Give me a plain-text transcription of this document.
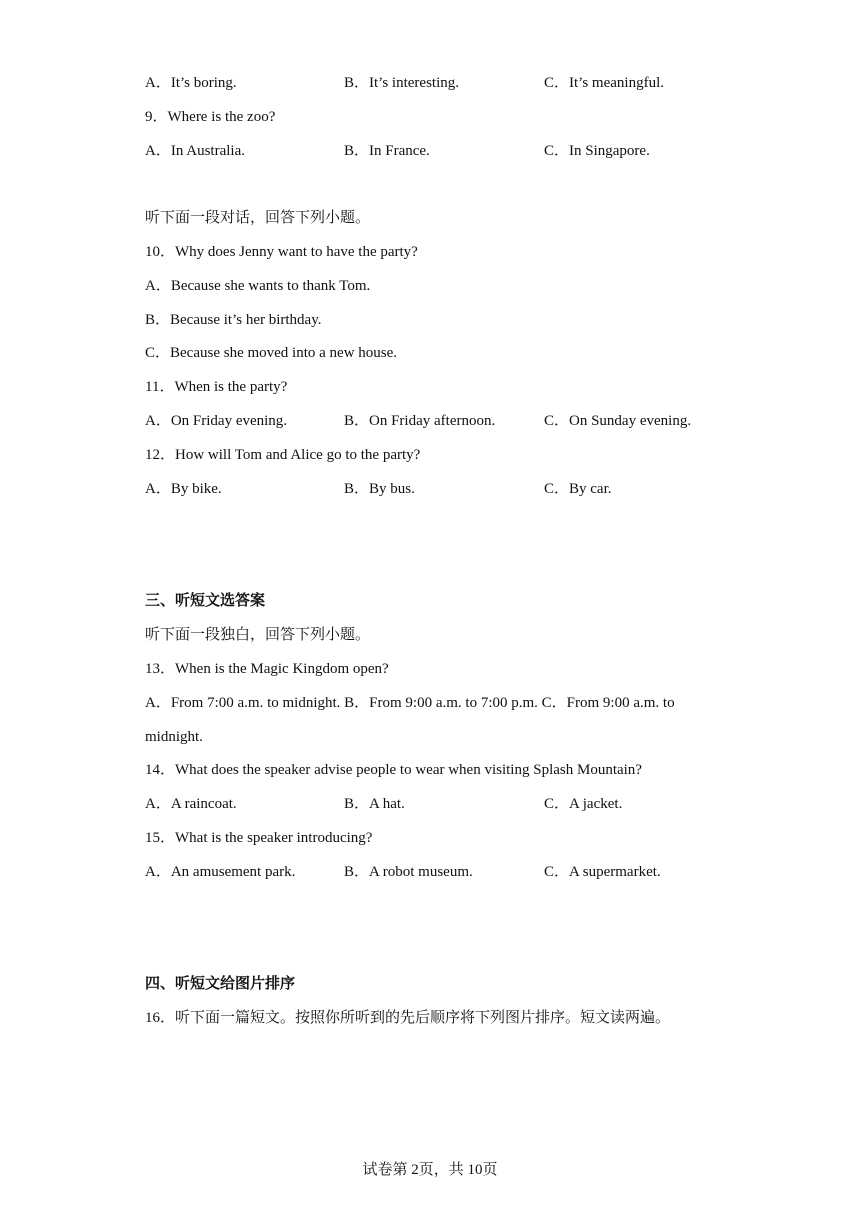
A．It’s boring.	B．It’s interesting.	C．It’s meaningful.
9．Where is the zoo?
A．In Australia.	B．In France.	C．In Singapore.
听下面一段对话，回答下列小题。
10．Why does Jenny want to have the party?
A．Because she wants to thank Tom.
B．Because it’s her birthday.
C．Because she moved into a new house.
11．When is the party?
A．On Friday evening.	B．On Friday afternoon.	C．On Sunday evening.
12．How will Tom and Alice go to the party?
A．By bike.	B．By bus.	C．By car.
三、听短文选答案
听下面一段独白，回答下列小题。
13．When is the Magic Kingdom open?
A．From 7:00 a.m. to midnight. B．From 9:00 a.m. to 7:00 p.m. C．From 9:00 a.m. to
midnight.
14．What does the speaker advise people to wear when visiting Splash Mountain?
A．A raincoat.	B．A hat.	C．A jacket.
15．What is the speaker introducing?
A．An amusement park.	B．A robot museum.	C．A supermarket.
四、听短文给图片排序
16．听下面一篇短文。按照你所听到的先后顺序将下列图片排序。短文读两遍。
试卷第 2页，共 10页
